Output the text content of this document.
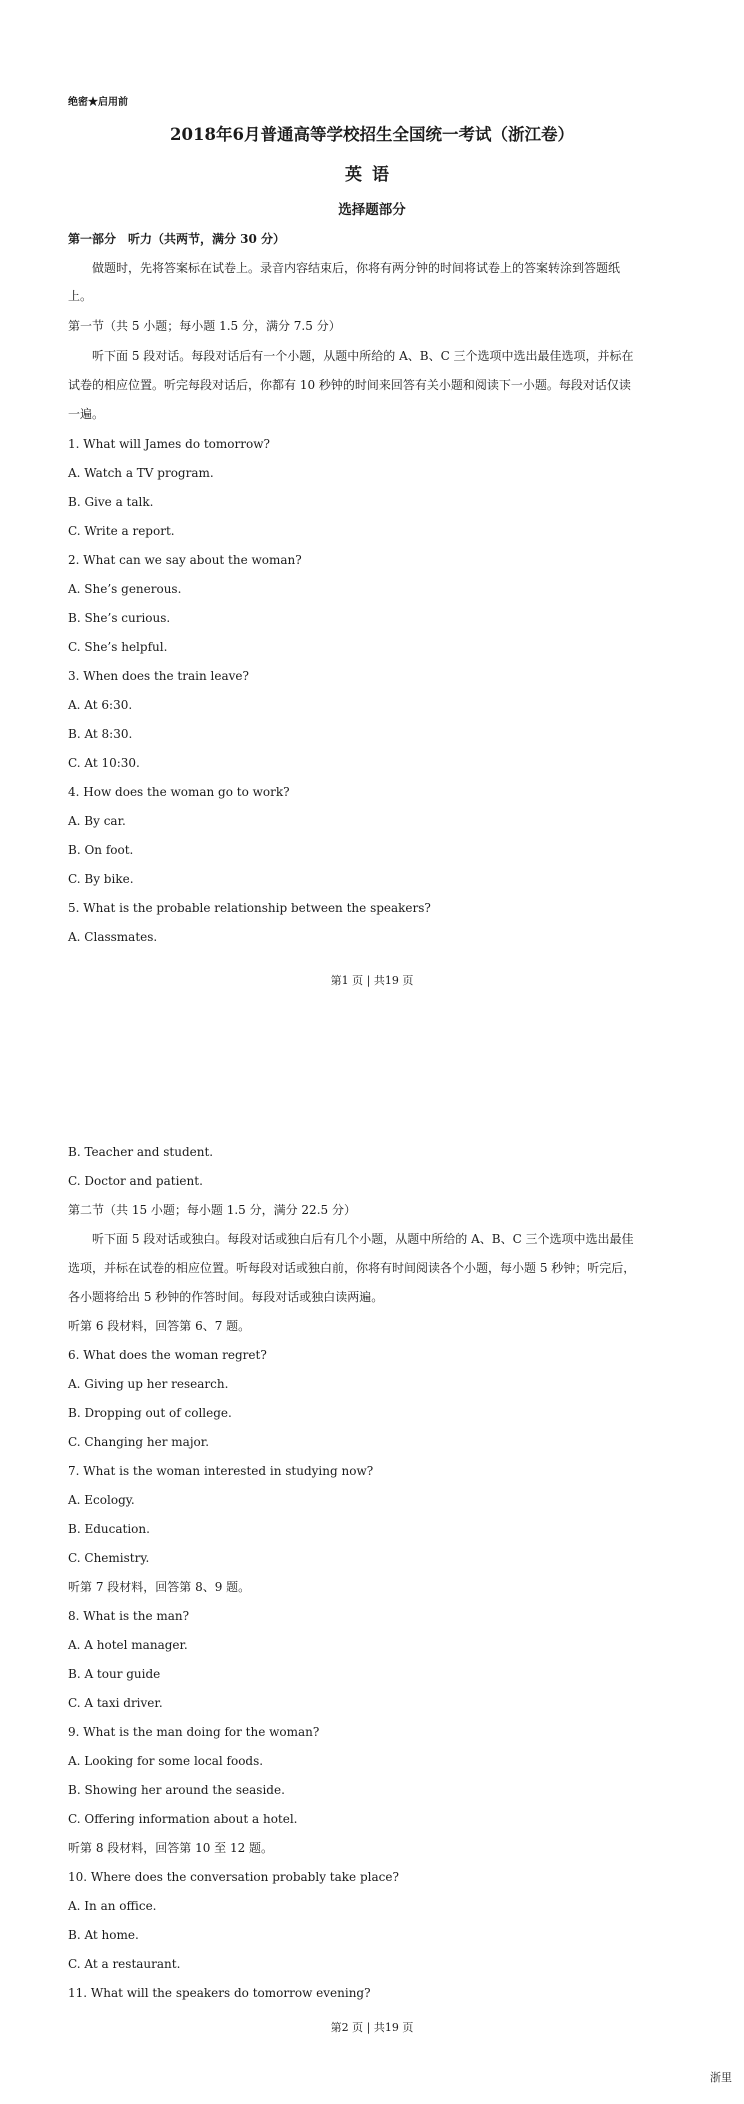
绝密★启用前
2018年6月普通高等学校招生全国统一考试（浙江卷）
英语
选择题部分
第一部分　听力（共两节，满分 30 分）
做题时，先将答案标在试卷上。录音内容结束后，你将有两分钟的时间将试卷上的答案转涂到答题纸
上。
第一节（共 5 小题；每小题 1.5 分，满分 7.5 分）
听下面 5 段对话。每段对话后有一个小题，从题中所给的 A、B、C 三个选项中选出最佳选项，并标在
试卷的相应位置。听完每段对话后，你都有 10 秒钟的时间来回答有关小题和阅读下一小题。每段对话仅读
一遍。
1. What will James do tomorrow?
A. Watch a TV program.
B. Give a talk.
C. Write a report.
2. What can we say about the woman?
A. She’s generous.
B. She’s curious.
C. She’s helpful.
3. When does the train leave?
A. At 6:30.
B. At 8:30.
C. At 10:30.
4. How does the woman go to work?
A. By car.
B. On foot.
C. By bike.
5. What is the probable relationship between the speakers?
A. Classmates.
第1 页 | 共19 页
B. Teacher and student.
C. Doctor and patient.
第二节（共 15 小题；每小题 1.5 分，满分 22.5 分）
听下面 5 段对话或独白。每段对话或独白后有几个小题，从题中所给的 A、B、C 三个选项中选出最佳
选项，并标在试卷的相应位置。听每段对话或独白前，你将有时间阅读各个小题，每小题 5 秒钟；听完后，
各小题将给出 5 秒钟的作答时间。每段对话或独白读两遍。
听第 6 段材料，回答第 6、7 题。
6. What does the woman regret?
A. Giving up her research.
B. Dropping out of college.
C. Changing her major.
7. What is the woman interested in studying now?
A. Ecology.
B. Education.
C. Chemistry.
听第 7 段材料，回答第 8、9 题。
8. What is the man?
A. A hotel manager.
B. A tour guide
C. A taxi driver.
9. What is the man doing for the woman?
A. Looking for some local foods.
B. Showing her around the seaside.
C. Offering information about a hotel.
听第 8 段材料，回答第 10 至 12 题。
10. Where does the conversation probably take place?
A. In an office.
B. At home.
C. At a restaurant.
11. What will the speakers do tomorrow evening?
第2 页 | 共19 页
浙里
